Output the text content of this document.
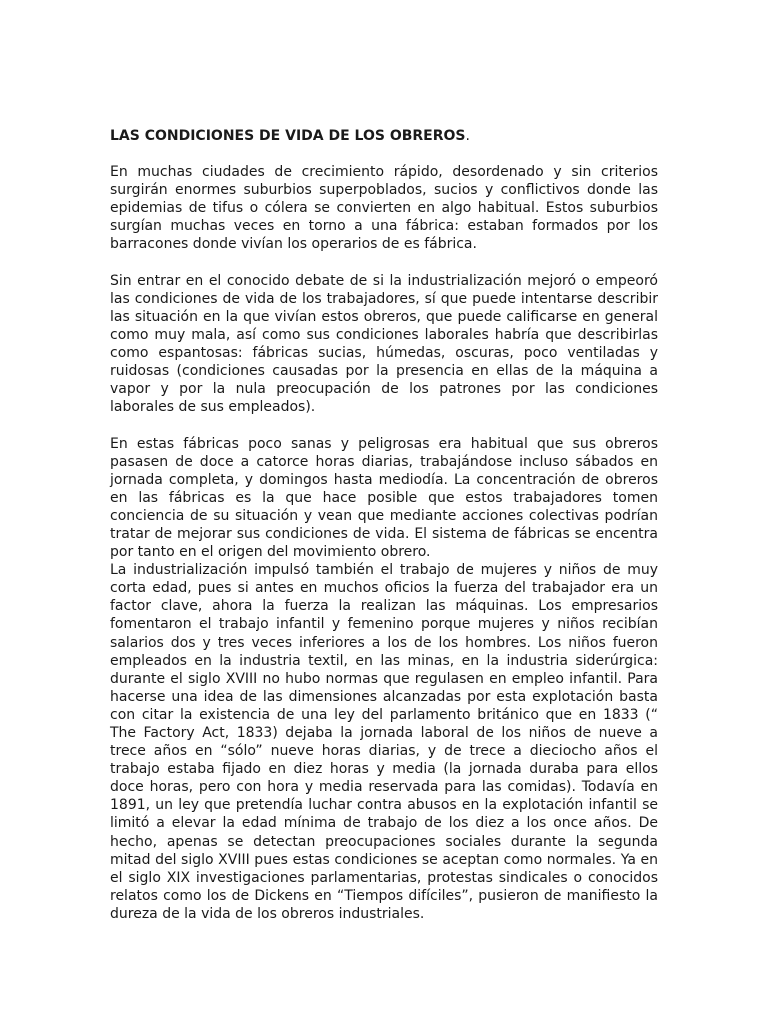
LAS CONDICIONES DE VIDA DE LOS OBREROS.

En muchas ciudades de crecimiento rápido, desordenado y sin criterios surgirán enormes suburbios superpoblados, sucios y conflictivos donde las epidemias de tifus o cólera se convierten en algo habitual. Estos suburbios surgían muchas veces en torno a una fábrica: estaban formados por los barracones donde vivían los operarios de es fábrica.

Sin entrar en el conocido debate de si la industrialización mejoró o empeoró las condiciones de vida de los trabajadores, sí que puede intentarse describir las situación en la que vivían estos obreros, que puede calificarse en general como muy mala, así como sus condiciones laborales habría que describirlas como espantosas: fábricas sucias, húmedas, oscuras, poco ventiladas y ruidosas (condiciones causadas por la presencia en ellas de la máquina a vapor y por la nula preocupación de los patrones por las condiciones laborales de sus empleados).

En estas fábricas poco sanas y peligrosas era habitual que sus obreros pasasen de doce a catorce horas diarias, trabajándose incluso sábados en jornada completa, y domingos hasta mediodía. La concentración de obreros en las fábricas es la que hace posible que estos trabajadores tomen conciencia de su situación y vean que mediante acciones colectivas podrían tratar de mejorar sus condiciones de vida. El sistema de fábricas se encentra por tanto en el origen del movimiento obrero.

La industrialización impulsó también el trabajo de mujeres y niños de muy corta edad, pues si antes en muchos oficios la fuerza del trabajador era un factor clave, ahora la fuerza la realizan las máquinas. Los empresarios fomentaron el trabajo infantil y femenino porque mujeres y niños recibían salarios dos y tres veces inferiores a los de los hombres. Los niños fueron empleados en la industria textil, en las minas, en la industria siderúrgica: durante el siglo XVIII no hubo normas que regulasen en empleo infantil. Para hacerse una idea de las dimensiones alcanzadas por esta explotación basta con citar la existencia de una ley del parlamento británico que en 1833 (“ The Factory Act, 1833) dejaba la jornada laboral de los niños de nueve a trece años en “sólo” nueve horas diarias, y de trece a dieciocho años el trabajo estaba fijado en diez horas y media (la jornada duraba para ellos doce horas, pero con hora y media reservada para las comidas). Todavía en 1891, un ley que pretendía luchar contra abusos en la explotación infantil se limitó a elevar la edad mínima de trabajo de los diez a los once años. De hecho, apenas se detectan preocupaciones sociales durante la segunda mitad del siglo XVIII pues estas condiciones se aceptan como normales. Ya en el siglo XIX investigaciones parlamentarias, protestas sindicales o conocidos relatos como los de Dickens en “Tiempos difíciles”, pusieron de manifiesto la dureza de la vida de los obreros industriales.
